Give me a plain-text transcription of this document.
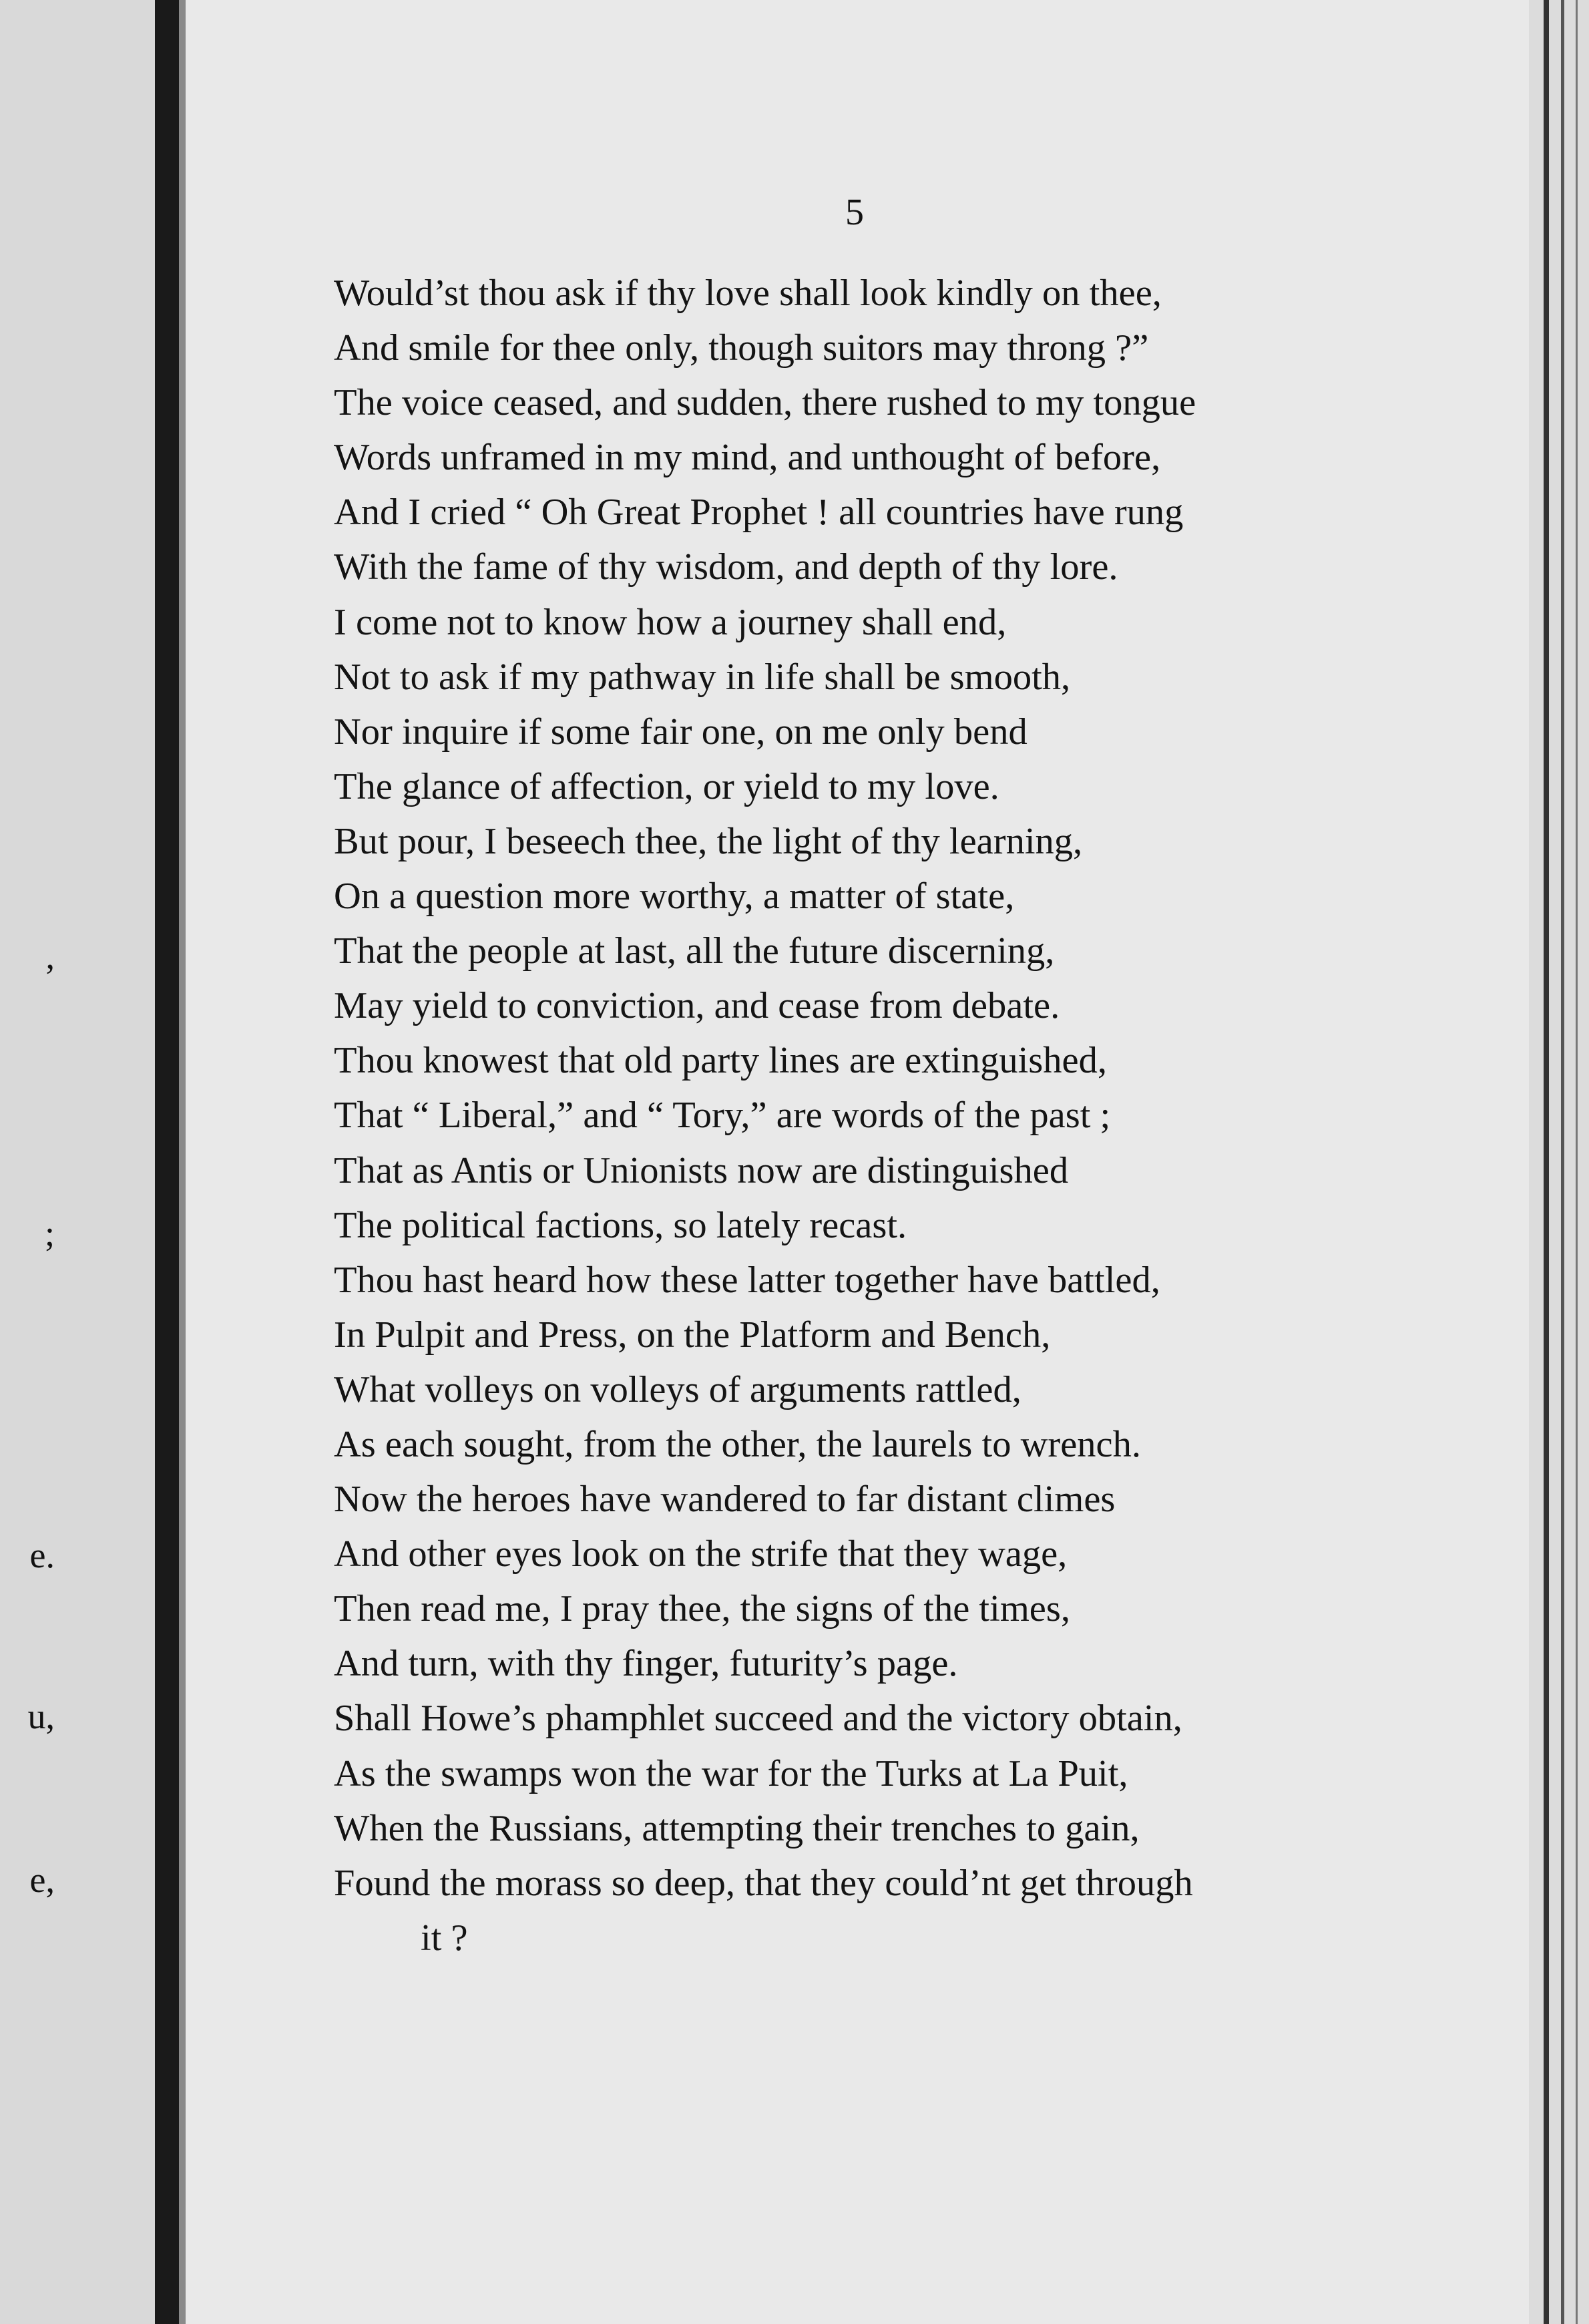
,
;
e.
u,
e,
5
Would’st thou ask if thy love shall look kindly on thee,
And smile for thee only, though suitors may throng ?”
The voice ceased, and sudden, there rushed to my tongue
Words unframed in my mind, and unthought of before,
And I cried “ Oh Great Prophet ! all countries have rung
With the fame of thy wisdom, and depth of thy lore.
I come not to know how a journey shall end,
Not to ask if my pathway in life shall be smooth,
Nor inquire if some fair one, on me only bend
The glance of affection, or yield to my love.
But pour, I beseech thee, the light of thy learning,
On a question more worthy, a matter of state,
That the people at last, all the future discerning,
May yield to conviction, and cease from debate.
Thou knowest that old party lines are extinguished,
That “ Liberal,” and “ Tory,” are words of the past ;
That as Antis or Unionists now are distinguished
The political factions, so lately recast.
Thou hast heard how these latter together have battled,
In Pulpit and Press, on the Platform and Bench,
What volleys on volleys of arguments rattled,
As each sought, from the other, the laurels to wrench.
Now the heroes have wandered to far distant climes
And other eyes look on the strife that they wage,
Then read me, I pray thee, the signs of the times,
And turn, with thy finger, futurity’s page.
Shall Howe’s phamphlet succeed and the victory obtain,
As the swamps won the war for the Turks at La Puit,
When the Russians, attempting their trenches to gain,
Found the morass so deep, that they could’nt get through
it ?
